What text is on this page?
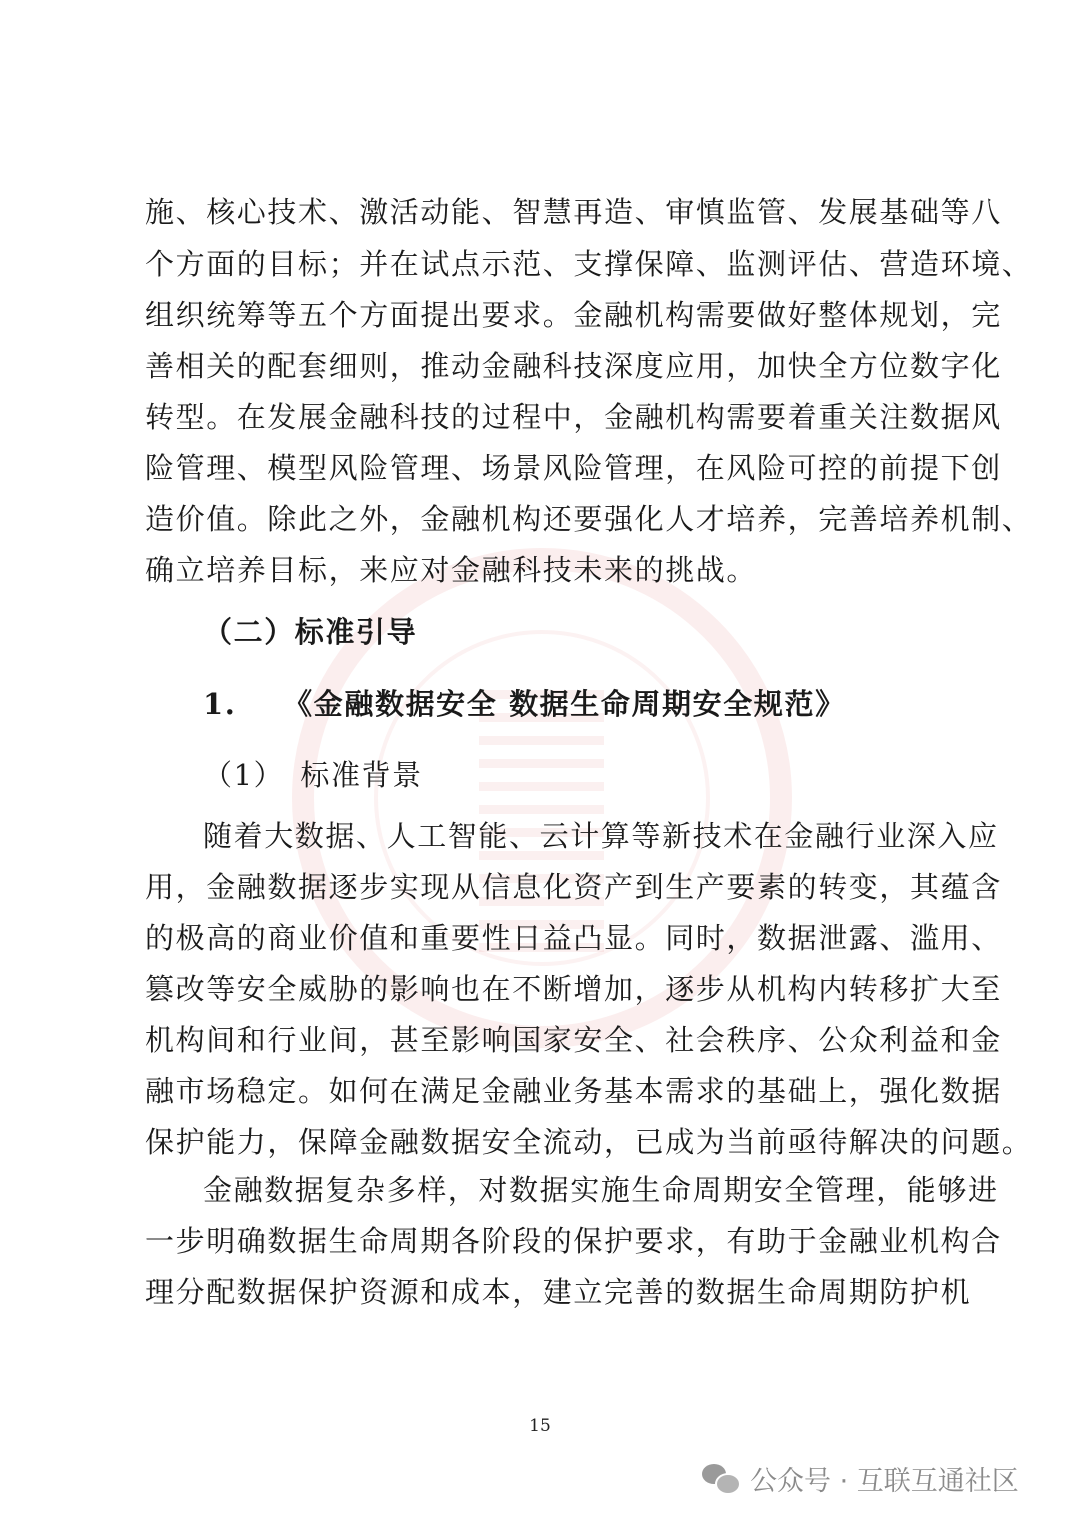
施、核心技术、激活动能、智慧再造、审慎监管、发展基础等八
个方面的目标；并在试点示范、支撑保障、监测评估、营造环境、
组织统筹等五个方面提出要求。金融机构需要做好整体规划，完
善相关的配套细则，推动金融科技深度应用，加快全方位数字化
转型。在发展金融科技的过程中，金融机构需要着重关注数据风
险管理、模型风险管理、场景风险管理，在风险可控的前提下创
造价值。除此之外，金融机构还要强化人才培养，完善培养机制、
确立培养目标，来应对金融科技未来的挑战。
（二）标准引导
1.　　《金融数据安全 数据生命周期安全规范》
（1）　标准背景
随着大数据、人工智能、云计算等新技术在金融行业深入应
用，金融数据逐步实现从信息化资产到生产要素的转变，其蕴含
的极高的商业价值和重要性日益凸显。同时，数据泄露、滥用、
篡改等安全威胁的影响也在不断增加，逐步从机构内转移扩大至
机构间和行业间，甚至影响国家安全、社会秩序、公众利益和金
融市场稳定。如何在满足金融业务基本需求的基础上，强化数据
保护能力，保障金融数据安全流动，已成为当前亟待解决的问题。
金融数据复杂多样，对数据实施生命周期安全管理，能够进
一步明确数据生命周期各阶段的保护要求，有助于金融业机构合
理分配数据保护资源和成本，建立完善的数据生命周期防护机
15
公众号 · 互联互通社区
